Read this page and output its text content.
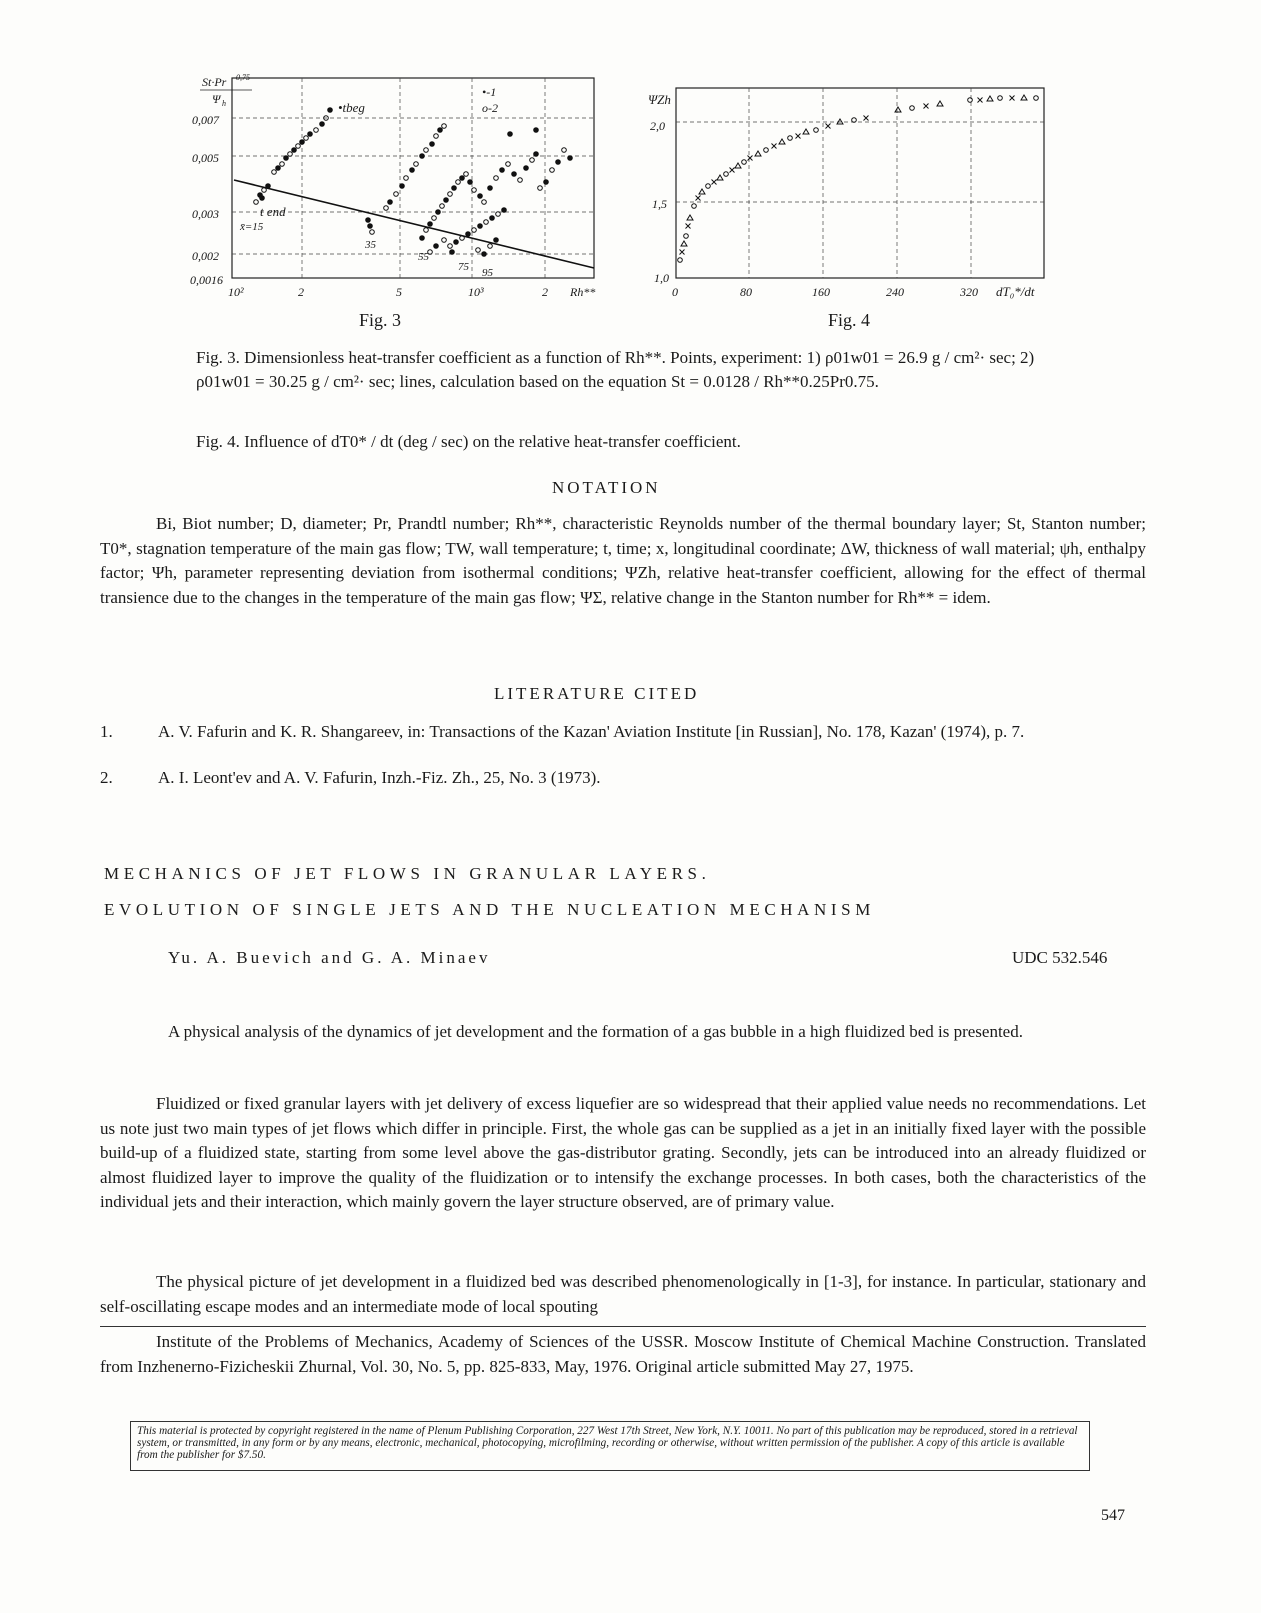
St·Pr 0,75
Ψ h
0,007
0,005
0,003
0,002
0,0016
10²	2	5	10³	2 Rh**
•-1
o-2
•tbeg
t end
x̄=15
35
55
75 95
Fig. 3
ΨZh
2,0
1,5
1,0
0	80	160	240	320 dT₀*/dt
Fig. 4
Fig. 3. Dimensionless heat-transfer coefficient as a function of Rh**. Points, experiment: 1) ρ01w01 = 26.9 g / cm²· sec; 2) ρ01w01 = 30.25 g / cm²· sec; lines, calculation based on the equation St = 0.0128 / Rh**0.25Pr0.75.
Fig. 4. Influence of dT0* / dt (deg / sec) on the relative heat-transfer coefficient.
NOTATION
Bi, Biot number; D, diameter; Pr, Prandtl number; Rh**, characteristic Reynolds number of the thermal boundary layer; St, Stanton number; T0*, stagnation temperature of the main gas flow; TW, wall temperature; t, time; x, longitudinal coordinate; ΔW, thickness of wall material; ψh, enthalpy factor; Ψh, parameter representing deviation from isothermal conditions; ΨZh, relative heat-transfer coefficient, allowing for the effect of thermal transience due to the changes in the temperature of the main gas flow; ΨΣ, relative change in the Stanton number for Rh** = idem.
LITERATURE CITED
1.	A. V. Fafurin and K. R. Shangareev, in: Transactions of the Kazan' Aviation Institute [in Russian], No. 178, Kazan' (1974), p. 7.
2.	A. I. Leont'ev and A. V. Fafurin, Inzh.-Fiz. Zh., 25, No. 3 (1973).
MECHANICS OF JET FLOWS IN GRANULAR LAYERS.
EVOLUTION OF SINGLE JETS AND THE NUCLEATION MECHANISM
Yu. A. Buevich and G. A. Minaev	UDC 532.546
A physical analysis of the dynamics of jet development and the formation of a gas bubble in a high fluidized bed is presented.
Fluidized or fixed granular layers with jet delivery of excess liquefier are so widespread that their applied value needs no recommendations. Let us note just two main types of jet flows which differ in principle. First, the whole gas can be supplied as a jet in an initially fixed layer with the possible build-up of a fluidized state, starting from some level above the gas-distributor grating. Secondly, jets can be introduced into an already fluidized or almost fluidized layer to improve the quality of the fluidization or to intensify the exchange processes. In both cases, both the characteristics of the individual jets and their interaction, which mainly govern the layer structure observed, are of primary value.
The physical picture of jet development in a fluidized bed was described phenomenologically in [1-3], for instance. In particular, stationary and self-oscillating escape modes and an intermediate mode of local spouting
Institute of the Problems of Mechanics, Academy of Sciences of the USSR. Moscow Institute of Chemical Machine Construction. Translated from Inzhenerno-Fizicheskii Zhurnal, Vol. 30, No. 5, pp. 825-833, May, 1976. Original article submitted May 27, 1975.
This material is protected by copyright registered in the name of Plenum Publishing Corporation, 227 West 17th Street, New York, N.Y. 10011. No part of this publication may be reproduced, stored in a retrieval system, or transmitted, in any form or by any means, electronic, mechanical, photocopying, microfilming, recording or otherwise, without written permission of the publisher. A copy of this article is available from the publisher for $7.50.
547
